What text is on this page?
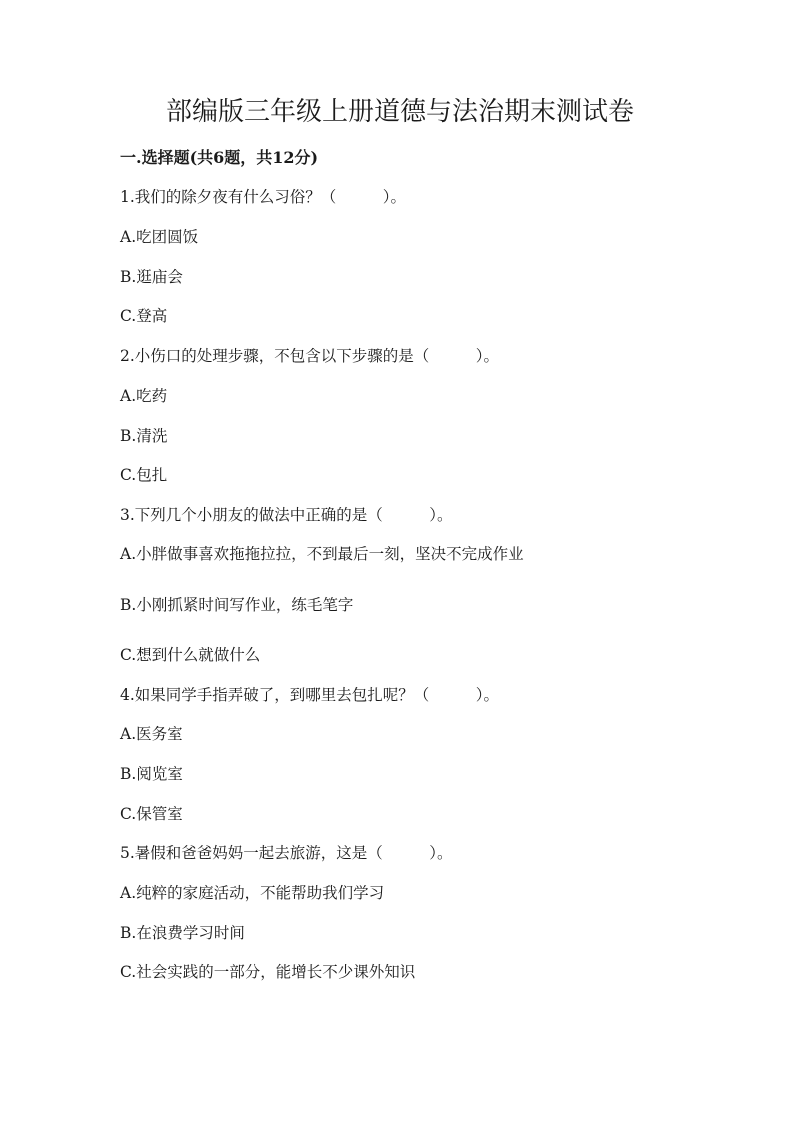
部编版三年级上册道德与法治期末测试卷
一.选择题(共6题，共12分)
1.我们的除夕夜有什么习俗？（　　　）。
A.吃团圆饭
B.逛庙会
C.登高
2.小伤口的处理步骤，不包含以下步骤的是（　　　）。
A.吃药
B.清洗
C.包扎
3.下列几个小朋友的做法中正确的是（　　　）。
A.小胖做事喜欢拖拖拉拉，不到最后一刻，坚决不完成作业
B.小刚抓紧时间写作业，练毛笔字
C.想到什么就做什么
4.如果同学手指弄破了，到哪里去包扎呢？（　　　）。
A.医务室
B.阅览室
C.保管室
5.暑假和爸爸妈妈一起去旅游，这是（　　　）。
A.纯粹的家庭活动，不能帮助我们学习
B.在浪费学习时间
C.社会实践的一部分，能增长不少课外知识
